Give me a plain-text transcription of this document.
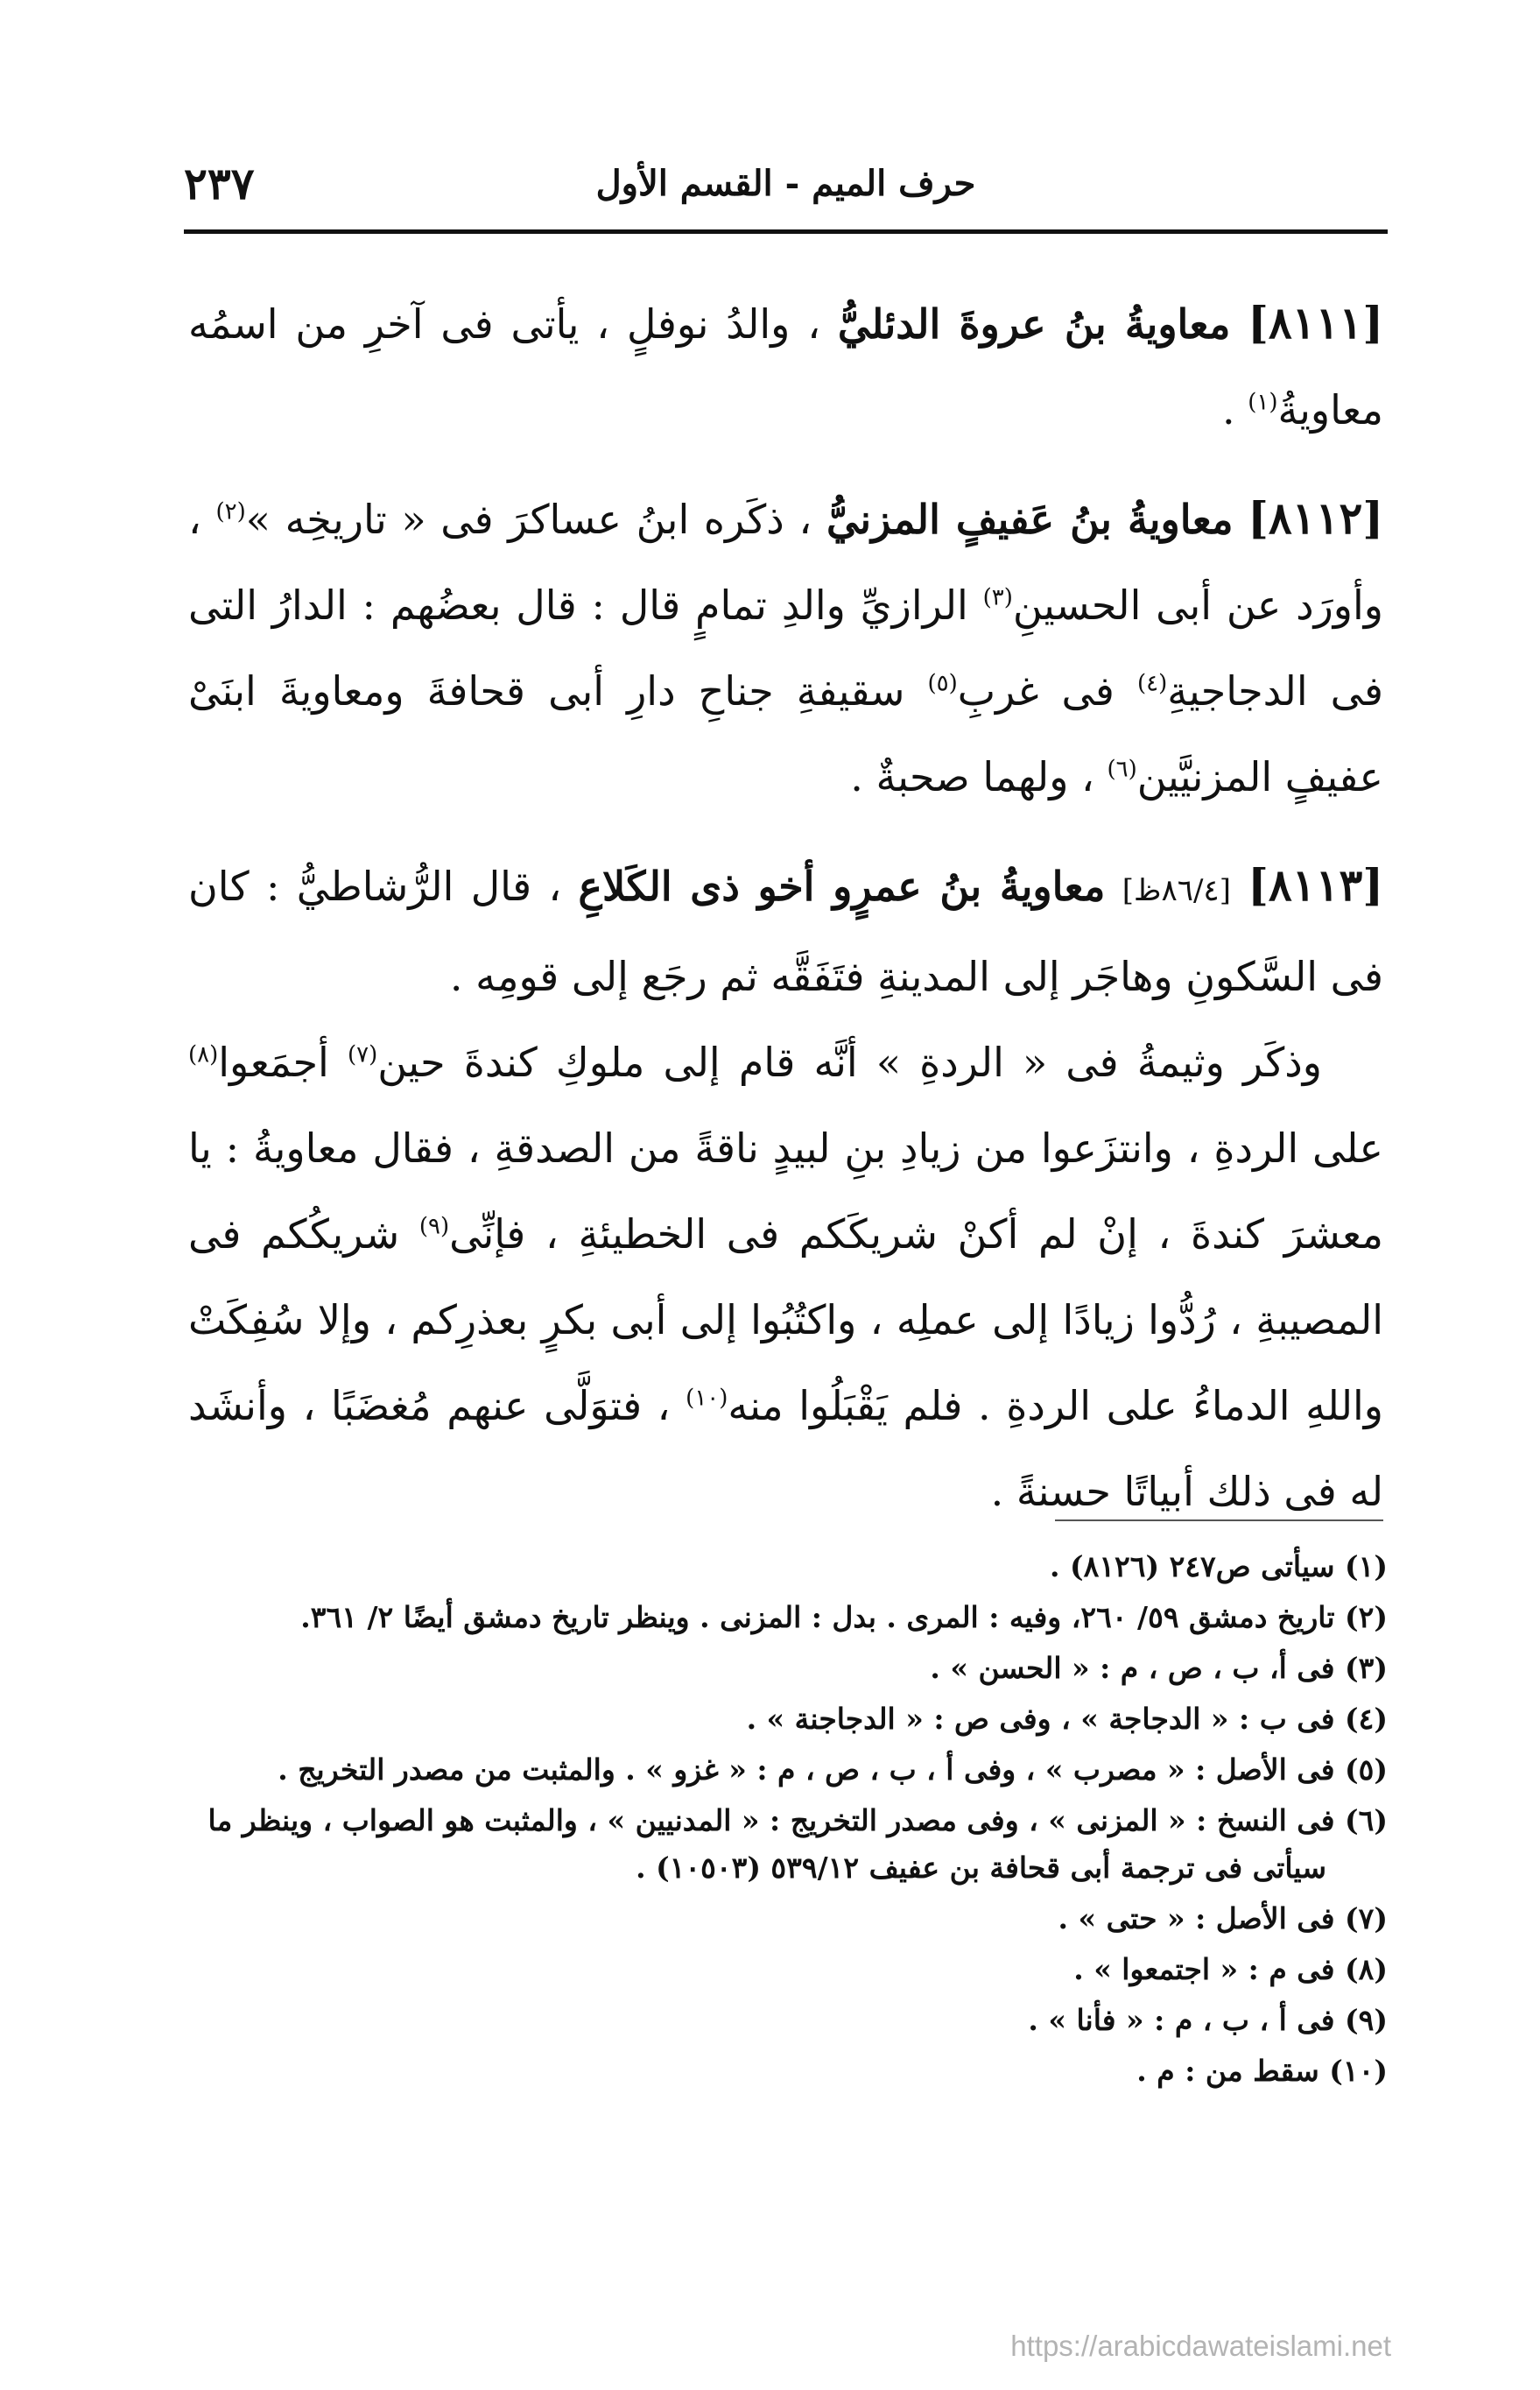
٢٣٧	حرف الميم - القسم الأول

[٨١١١] معاويةُ بنُ عروةَ الدئليُّ ، والدُ نوفلٍ ، يأتى فى آخرِ من اسمُه معاويةُ$^{(١)}$ .

[٨١١٢] معاويةُ بنُ عَفيفٍ المزنيُّ ، ذكَره ابنُ عساكرَ فى « تاريخِه »$^{(٢)}$ ، وأورَد عن أبى الحسينِ$^{(٣)}$ الرازيِّ والدِ تمامٍ قال : قال بعضُهم : الدارُ التى فى الدجاجيةِ$^{(٤)}$ فى غربِ$^{(٥)}$ سقيفةِ جناحِ دارِ أبى قحافةَ ومعاويةَ ابنَىْ عفيفٍ المزنيَّين$^{(٦)}$ ، ولهما صحبةٌ .

[٨١١٣] [٨٦/٤ظ] معاويةُ بنُ عمرٍو أخو ذى الكَلاعِ ، قال الرُّشاطيُّ : كان فى السَّكونِ وهاجَر إلى المدينةِ فتَفَقَّه ثم رجَع إلى قومِه .

وذكَر وثيمةُ فى « الردةِ » أنَّه قام إلى ملوكِ كندةَ حين$^{(٧)}$ أجمَعوا$^{(٨)}$ على الردةِ ، وانتزَعوا من زيادِ بنِ لبيدٍ ناقةً من الصدقةِ ، فقال معاويةُ : يا معشرَ كندةَ ، إنْ لم أكنْ شريكَكم فى الخطيئةِ ، فإنِّى$^{(٩)}$ شريكُكم فى المصيبةِ ، رُدُّوا زيادًا إلى عملِه ، واكتُبُوا إلى أبى بكرٍ بعذرِكم ، وإلا سُفِكَتْ واللهِ الدماءُ على الردةِ . فلم يَقْبَلُوا منه$^{(١٠)}$ ، فتوَلَّى عنهم مُغضَبًا ، وأنشَد له فى ذلك أبياتًا حسنةً .

(١) سيأتى ص٢٤٧ (٨١٢٦) .

(٢) تاريخ دمشق ٥٩/ ٢٦٠، وفيه : المرى . بدل : المزنى . وينظر تاريخ دمشق أيضًا ٢/ ٣٦١.

(٣) فى أ، ب ، ص ، م : « الحسن » .

(٤) فى ب : « الدجاجة » ، وفى ص : « الدجاجنة » .

(٥) فى الأصل : « مصرب » ، وفى أ ، ب ، ص ، م : « غزو » . والمثبت من مصدر التخريج .

(٦) فى النسخ : « المزنى » ، وفى مصدر التخريج : « المدنيين » ، والمثبت هو الصواب ، وينظر ما
سيأتى فى ترجمة أبى قحافة بن عفيف ٥٣٩/١٢ (١٠٥٠٣) .

(٧) فى الأصل : « حتى » .

(٨) فى م : « اجتمعوا » .

(٩) فى أ ، ب ، م : « فأنا » .

(١٠) سقط من : م .

https://arabicdawateislami.net
